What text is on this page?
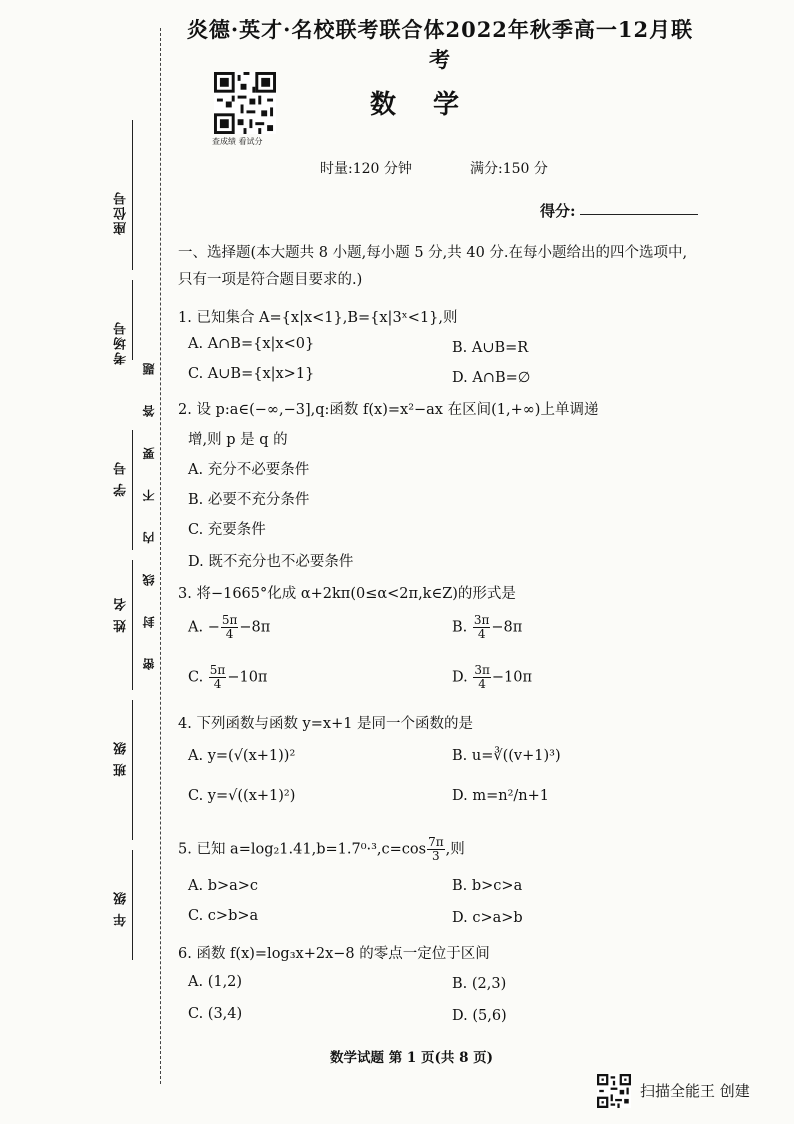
座位号
考场号
学 号
姓 名
班 级
年 级
密 封 线 内 不 要 答 题
炎德·英才·名校联考联合体2022年秋季高一12月联考
查成绩 看试分
数 学
时量:120 分钟	满分:150 分
得分:
一、选择题(本大题共 8 小题,每小题 5 分,共 40 分.在每小题给出的四个选项中,只有一项是符合题目要求的.)
1. 已知集合 A={x|x<1},B={x|3ˣ<1},则
A. A∩B={x|x<0}	B. A∪B=R
C. A∪B={x|x>1}	D. A∩B=∅
2. 设 p:a∈(−∞,−3],q:函数 f(x)=x²−ax 在区间(1,+∞)上单调递
增,则 p 是 q 的
A. 充分不必要条件
B. 必要不充分条件
C. 充要条件
D. 既不充分也不必要条件
3. 将−1665°化成 α+2kπ(0≤α<2π,k∈Z)的形式是
A. − $\frac{5\pi}{4} -8\pi$	B. $\frac{3\pi}{4} -8\pi$
C. $\frac{5\pi}{4} -10\pi$	D. $\frac{3\pi}{4} -10\pi$
4. 下列函数与函数 y=x+1 是同一个函数的是
A. y=(√(x+1))²	B. u=∛((v+1)³)
C. y=√((x+1)²)	D. m=n²/n+1
5. 已知 $a=\log_21.41,b=1.7^0\cdot^3,c=\cos \frac{7\pi}{3}$ ,则
A. b>a>c	B. b>c>a
C. c>b>a	D. c>a>b
6. 函数 f(x)=log₃x+2x−8 的零点一定位于区间
A. (1,2)	B. (2,3)
C. (3,4)	D. (5,6)
数学试题 第 1 页(共 8 页)
扫描全能王 创建
